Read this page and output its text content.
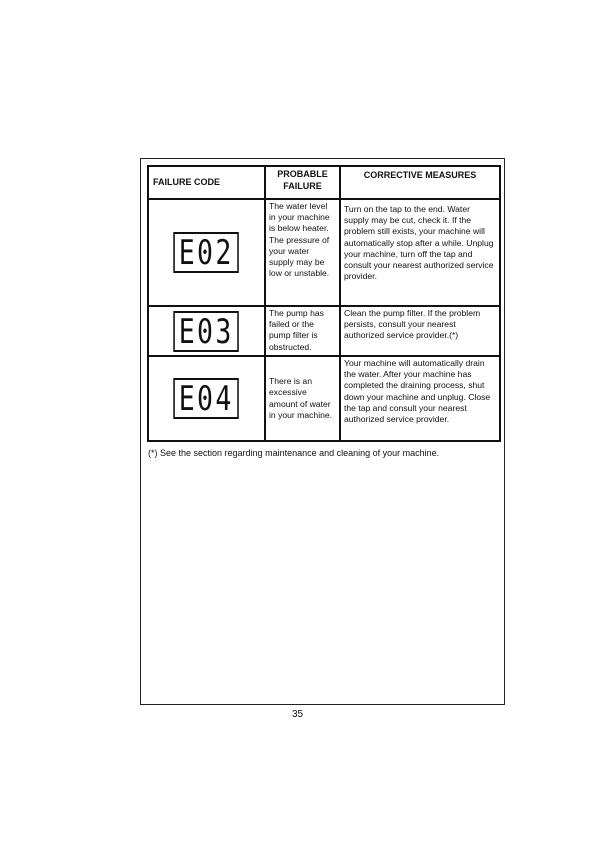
FAILURE CODE	PROBABLE FAILURE	CORRECTIVE MEASURES
E02	The water level in your machine is below heater. The pressure of your water supply may be low or unstable.	Turn on the tap to the end. Water supply may be cut, check it. If the problem still exists, your machine will automatically stop after a while. Unplug your machine, turn off the tap and consult your nearest authorized service provider.
E03	The pump has failed or the pump filter is obstructed.	Clean the pump filter. If the problem persists, consult your nearest authorized service provider.(*)
E04	There is an excessive amount of water in your machine.	Your machine will automatically drain the water. After your machine has completed the draining process, shut down your machine and unplug. Close the tap and consult your nearest authorized service provider.
(*) See the section regarding maintenance and cleaning of your machine.
35
